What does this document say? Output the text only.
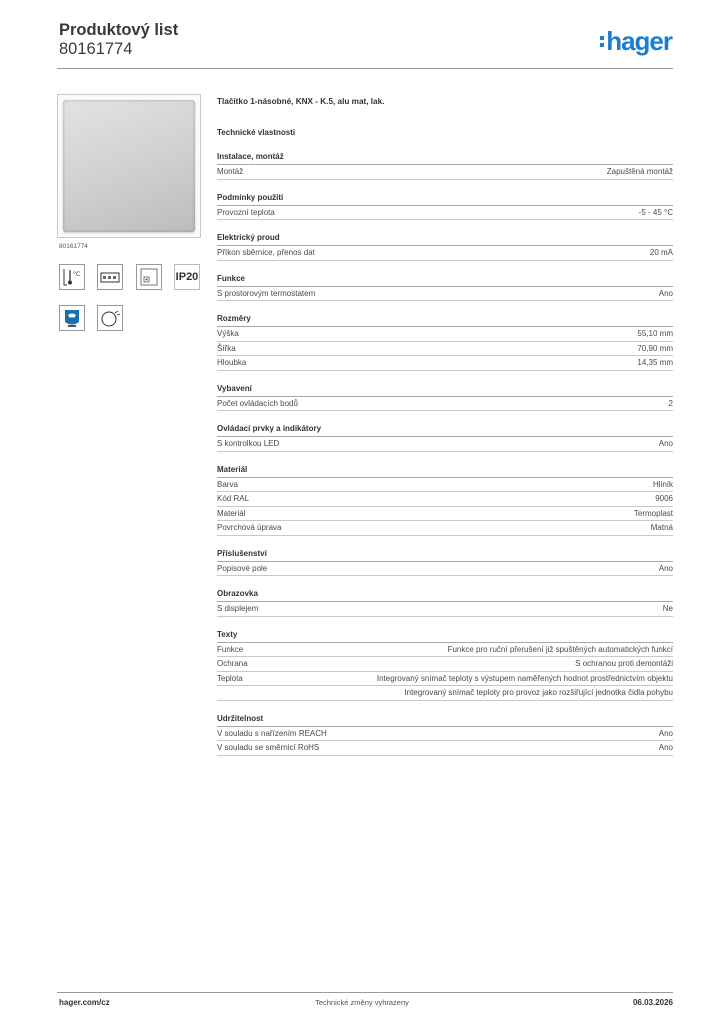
Produktový list
80161774	hager
80161774
°C	IP20
Tlačítko 1-násobné, KNX - K.5, alu mat, lak.
Technické vlastnosti
Instalace, montáž
Montáž	Zapuštěná montáž
Podmínky použití
Provozní teplota	-5 - 45 °C
Elektrický proud
Příkon sběrnice, přenos dat	20 mA
Funkce
S prostorovým termostatem	Ano
Rozměry
Výška	55,10 mm
Šířka	70,90 mm
Hloubka	14,35 mm
Vybavení
Počet ovládacích bodů	2
Ovládací prvky a indikátory
S kontrolkou LED	Ano
Materiál
Barva	Hliník
Kód RAL	9006
Materiál	Termoplast
Povrchová úprava	Matná
Příslušenství
Popisové pole	Ano
Obrazovka
S displejem	Ne
Texty
Funkce	Funkce pro ruční přerušení již spuštěných automatických funkcí
Ochrana	S ochranou proti demontáži
Teplota	Integrovaný snímač teploty s výstupem naměřených hodnot prostřednictvím objektu
Integrovaný snímač teploty pro provoz jako rozšiřující jednotka čidla pohybu
Udržitelnost
V souladu s nařízením REACH	Ano
V souladu se směrnicí RoHS	Ano
hager.com/cz	Technické změny vyhrazeny	06.03.2026
